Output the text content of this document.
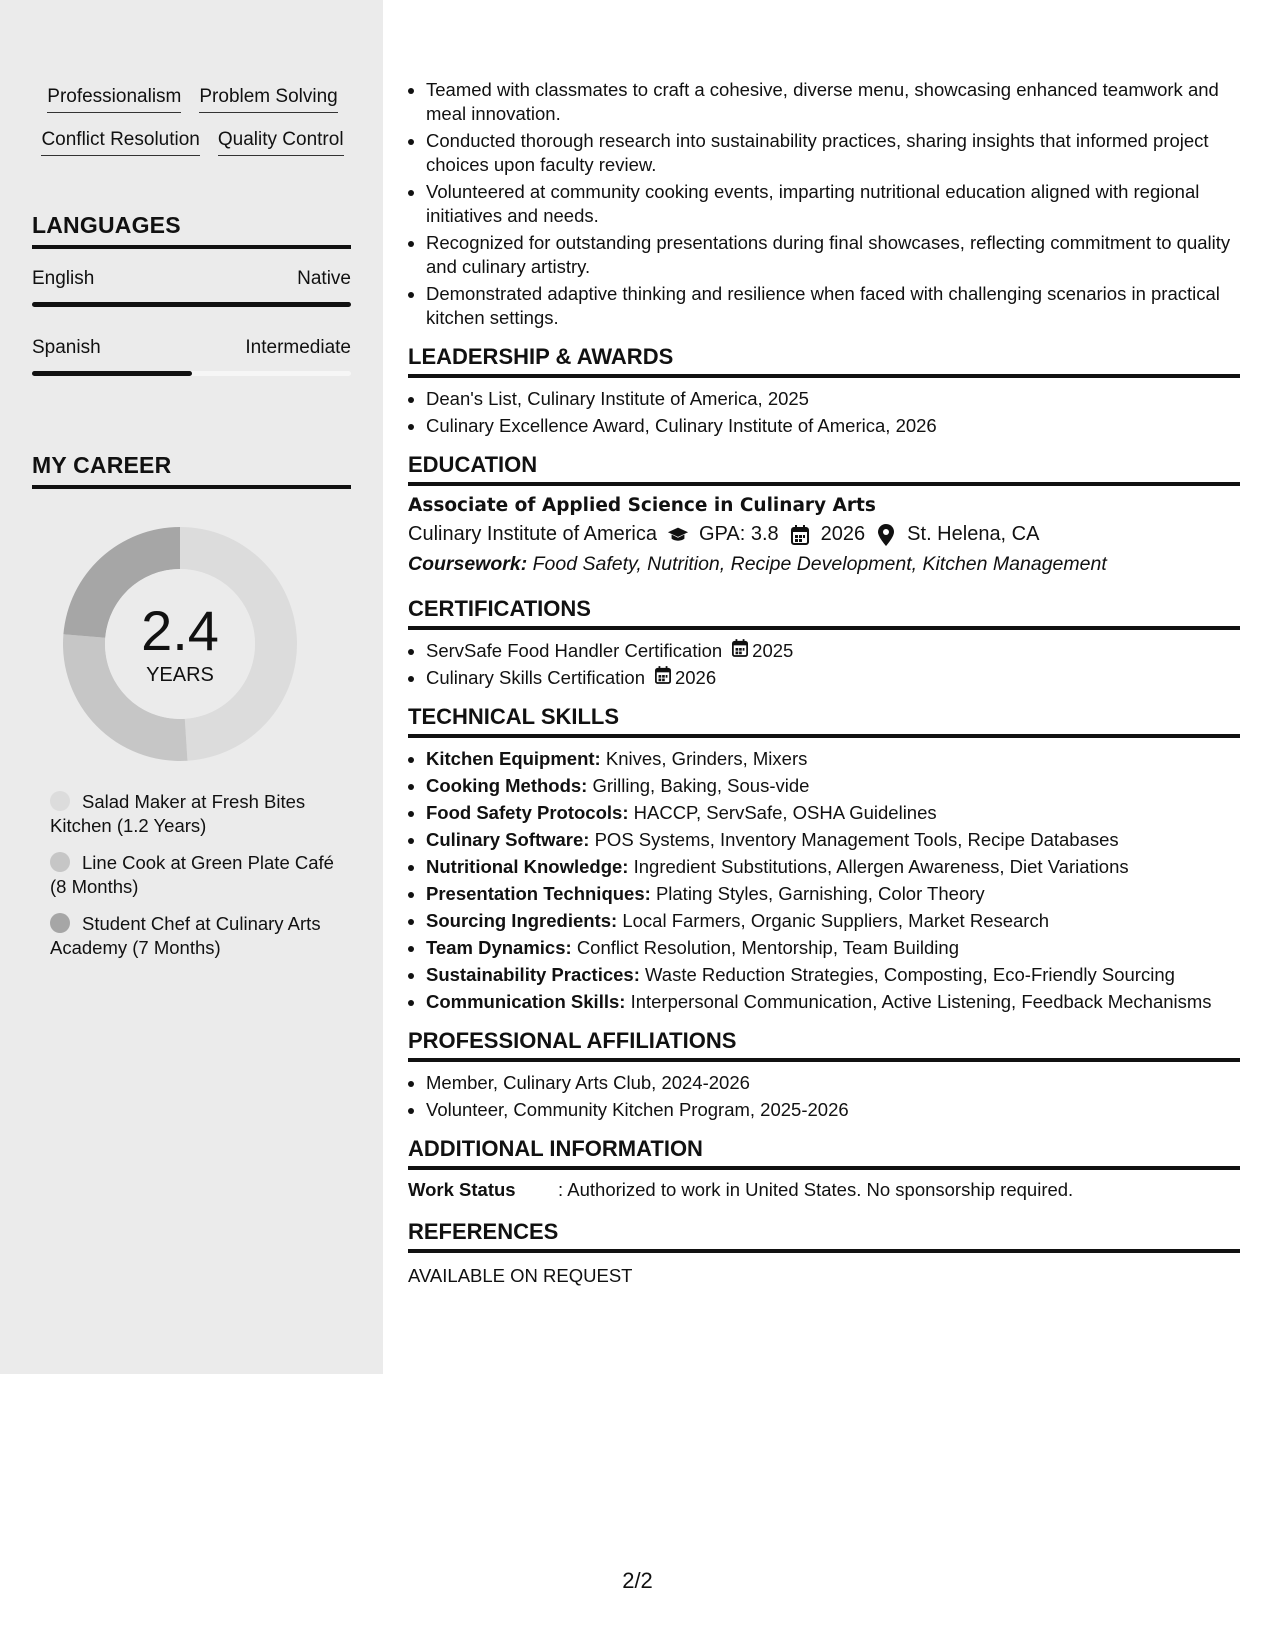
Professionalism Problem Solving
Conflict Resolution Quality Control
LANGUAGES
English	Native
Spanish	Intermediate
MY CAREER
2.4
YEARS
Salad Maker at Fresh Bites Kitchen (1.2 Years)
Line Cook at Green Plate Café (8 Months)
Student Chef at Culinary Arts Academy (7 Months)
• Teamed with classmates to craft a cohesive, diverse menu, showcasing enhanced teamwork and meal innovation.
• Conducted thorough research into sustainability practices, sharing insights that informed project choices upon faculty review.
• Volunteered at community cooking events, imparting nutritional education aligned with regional initiatives and needs.
• Recognized for outstanding presentations during final showcases, reflecting commitment to quality and culinary artistry.
• Demonstrated adaptive thinking and resilience when faced with challenging scenarios in practical kitchen settings.
LEADERSHIP & AWARDS
• Dean's List, Culinary Institute of America, 2025
• Culinary Excellence Award, Culinary Institute of America, 2026
EDUCATION
Associate of Applied Science in Culinary Arts
Culinary Institute of America GPA: 3.8 2026 St. Helena, CA
Coursework: Food Safety, Nutrition, Recipe Development, Kitchen Management
CERTIFICATIONS
• ServSafe Food Handler Certification 2025
• Culinary Skills Certification 2026
TECHNICAL SKILLS
• Kitchen Equipment: Knives, Grinders, Mixers
• Cooking Methods: Grilling, Baking, Sous-vide
• Food Safety Protocols: HACCP, ServSafe, OSHA Guidelines
• Culinary Software: POS Systems, Inventory Management Tools, Recipe Databases
• Nutritional Knowledge: Ingredient Substitutions, Allergen Awareness, Diet Variations
• Presentation Techniques: Plating Styles, Garnishing, Color Theory
• Sourcing Ingredients: Local Farmers, Organic Suppliers, Market Research
• Team Dynamics: Conflict Resolution, Mentorship, Team Building
• Sustainability Practices: Waste Reduction Strategies, Composting, Eco-Friendly Sourcing
• Communication Skills: Interpersonal Communication, Active Listening, Feedback Mechanisms
PROFESSIONAL AFFILIATIONS
• Member, Culinary Arts Club, 2024-2026
• Volunteer, Community Kitchen Program, 2025-2026
ADDITIONAL INFORMATION
Work Status	: Authorized to work in United States. No sponsorship required.
REFERENCES
AVAILABLE ON REQUEST
2/2
